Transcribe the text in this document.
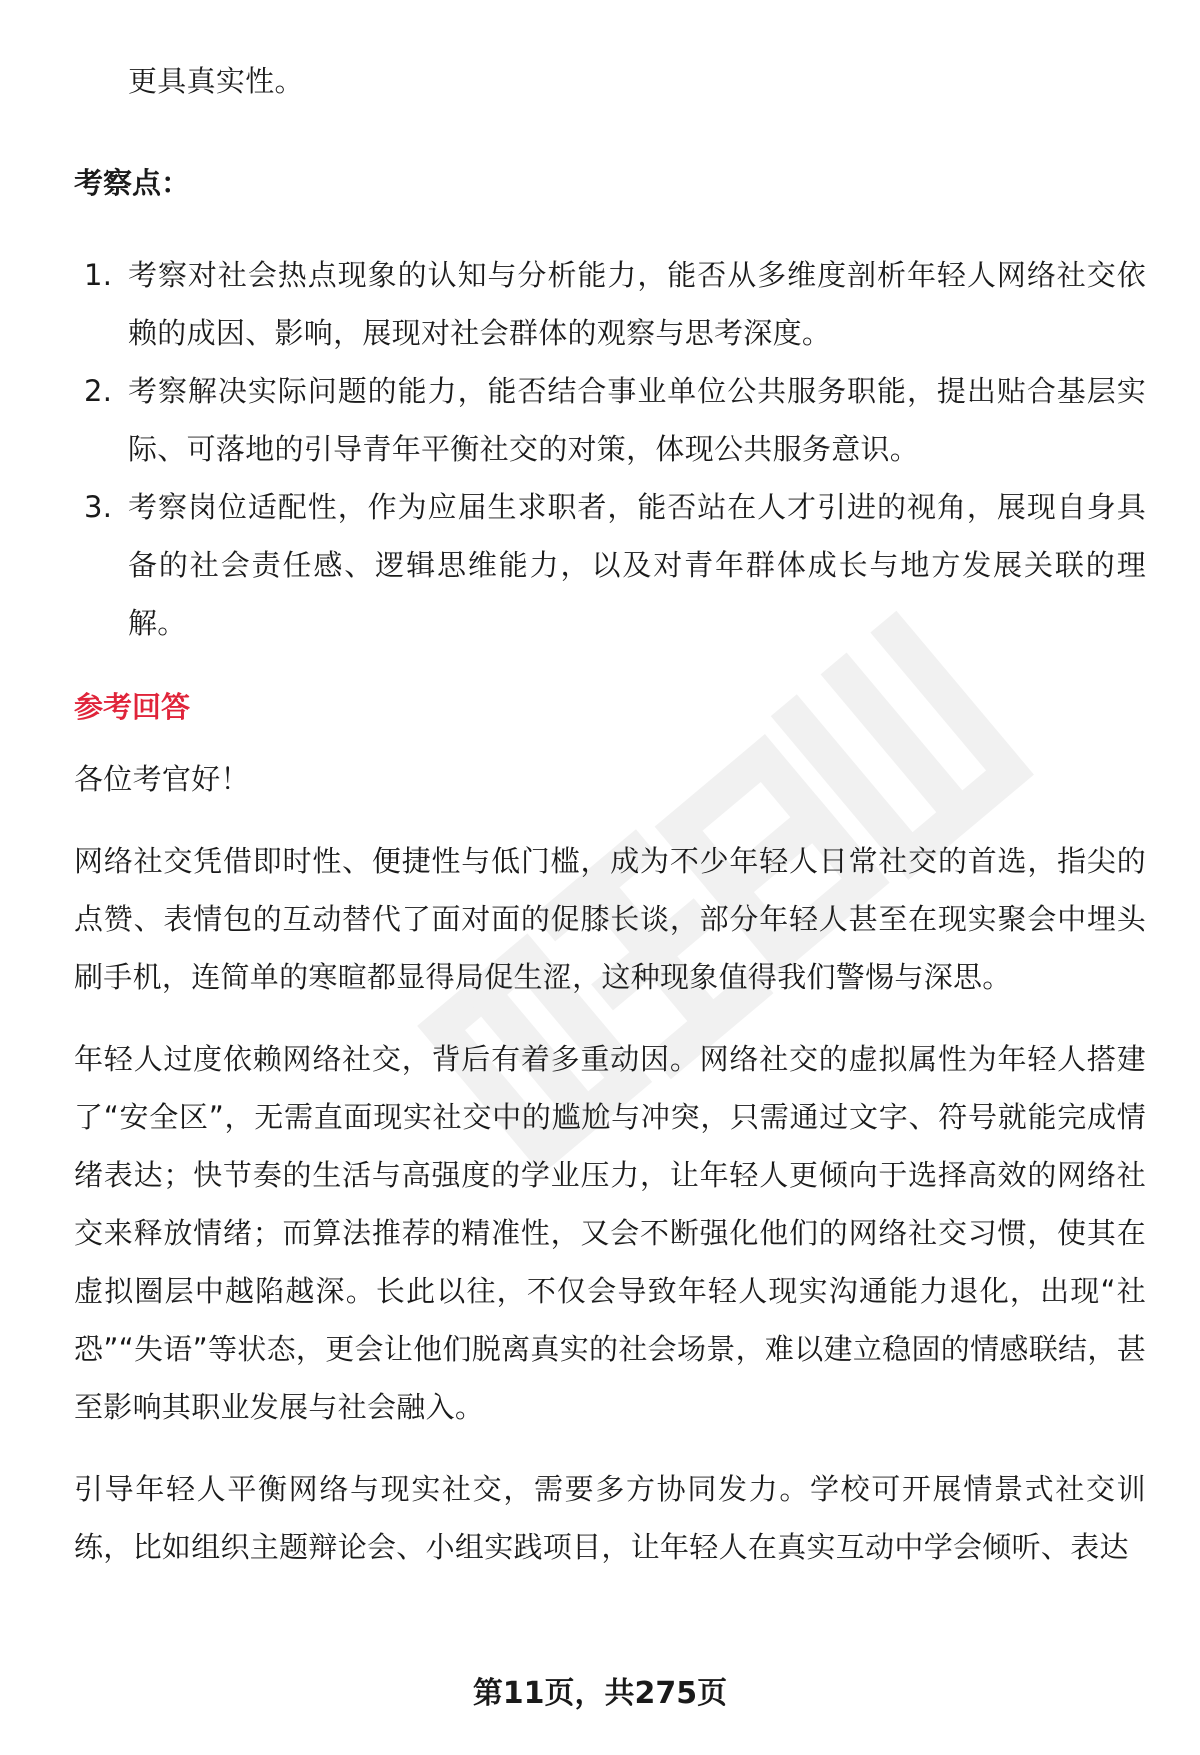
更具真实性。

考察点：
1. 考察对社会热点现象的认知与分析能力，能否从多维度剖析年轻人网络社交依赖的成因、影响，展现对社会群体的观察与思考深度。
2. 考察解决实际问题的能力，能否结合事业单位公共服务职能，提出贴合基层实际、可落地的引导青年平衡社交的对策，体现公共服务意识。
3. 考察岗位适配性，作为应届生求职者，能否站在人才引进的视角，展现自身具备的社会责任感、逻辑思维能力，以及对青年群体成长与地方发展关联的理解。
参考回答

各位考官好！

网络社交凭借即时性、便捷性与低门槛，成为不少年轻人日常社交的首选，指尖的点赞、表情包的互动替代了面对面的促膝长谈，部分年轻人甚至在现实聚会中埋头刷手机，连简单的寒暄都显得局促生涩，这种现象值得我们警惕与深思。

年轻人过度依赖网络社交，背后有着多重动因。网络社交的虚拟属性为年轻人搭建了“安全区”，无需直面现实社交中的尴尬与冲突，只需通过文字、符号就能完成情绪表达；快节奏的生活与高强度的学业压力，让年轻人更倾向于选择高效的网络社交来释放情绪；而算法推荐的精准性，又会不断强化他们的网络社交习惯，使其在虚拟圈层中越陷越深。长此以往，不仅会导致年轻人现实沟通能力退化，出现“社恐”“失语”等状态，更会让他们脱离真实的社会场景，难以建立稳固的情感联结，甚至影响其职业发展与社会融入。

引导年轻人平衡网络与现实社交，需要多方协同发力。学校可开展情景式社交训练，比如组织主题辩论会、小组实践项目，让年轻人在真实互动中学会倾听、表达

第11页，共275页
